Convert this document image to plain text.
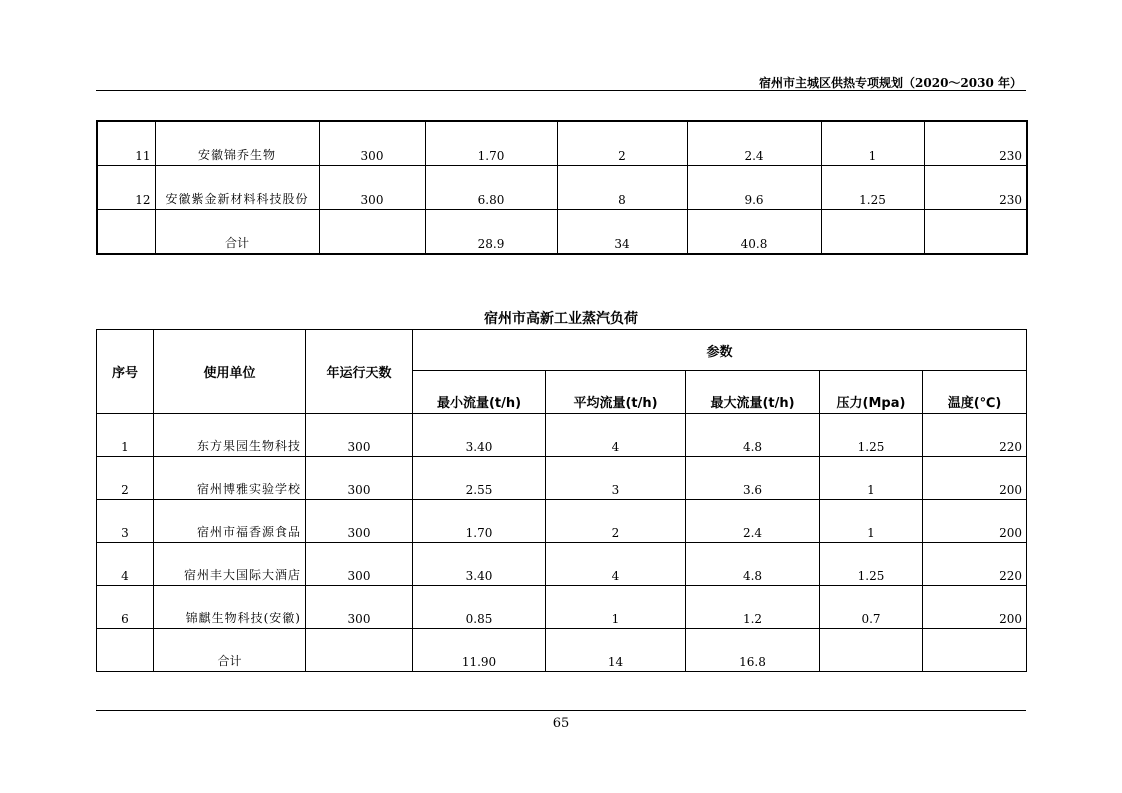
宿州市主城区供热专项规划（2020～2030 年）
11	安徽锦乔生物	300	1.70	2	2.4	1	230
12	安徽紫金新材料科技股份	300	6.80	8	9.6	1.25	230
	合计		28.9	34	40.8		
宿州市高新工业蒸汽负荷
序号	使用单位	年运行天数	参数				
			最小流量(t/h)	平均流量(t/h)	最大流量(t/h)	压力(Mpa)	温度(℃)
1	东方果园生物科技	300	3.40	4	4.8	1.25	220
2	宿州博雅实验学校	300	2.55	3	3.6	1	200
3	宿州市福香源食品	300	1.70	2	2.4	1	200
4	宿州丰大国际大酒店	300	3.40	4	4.8	1.25	220
6	锦麒生物科技(安徽)	300	0.85	1	1.2	0.7	200
	合计		11.90	14	16.8		
65
